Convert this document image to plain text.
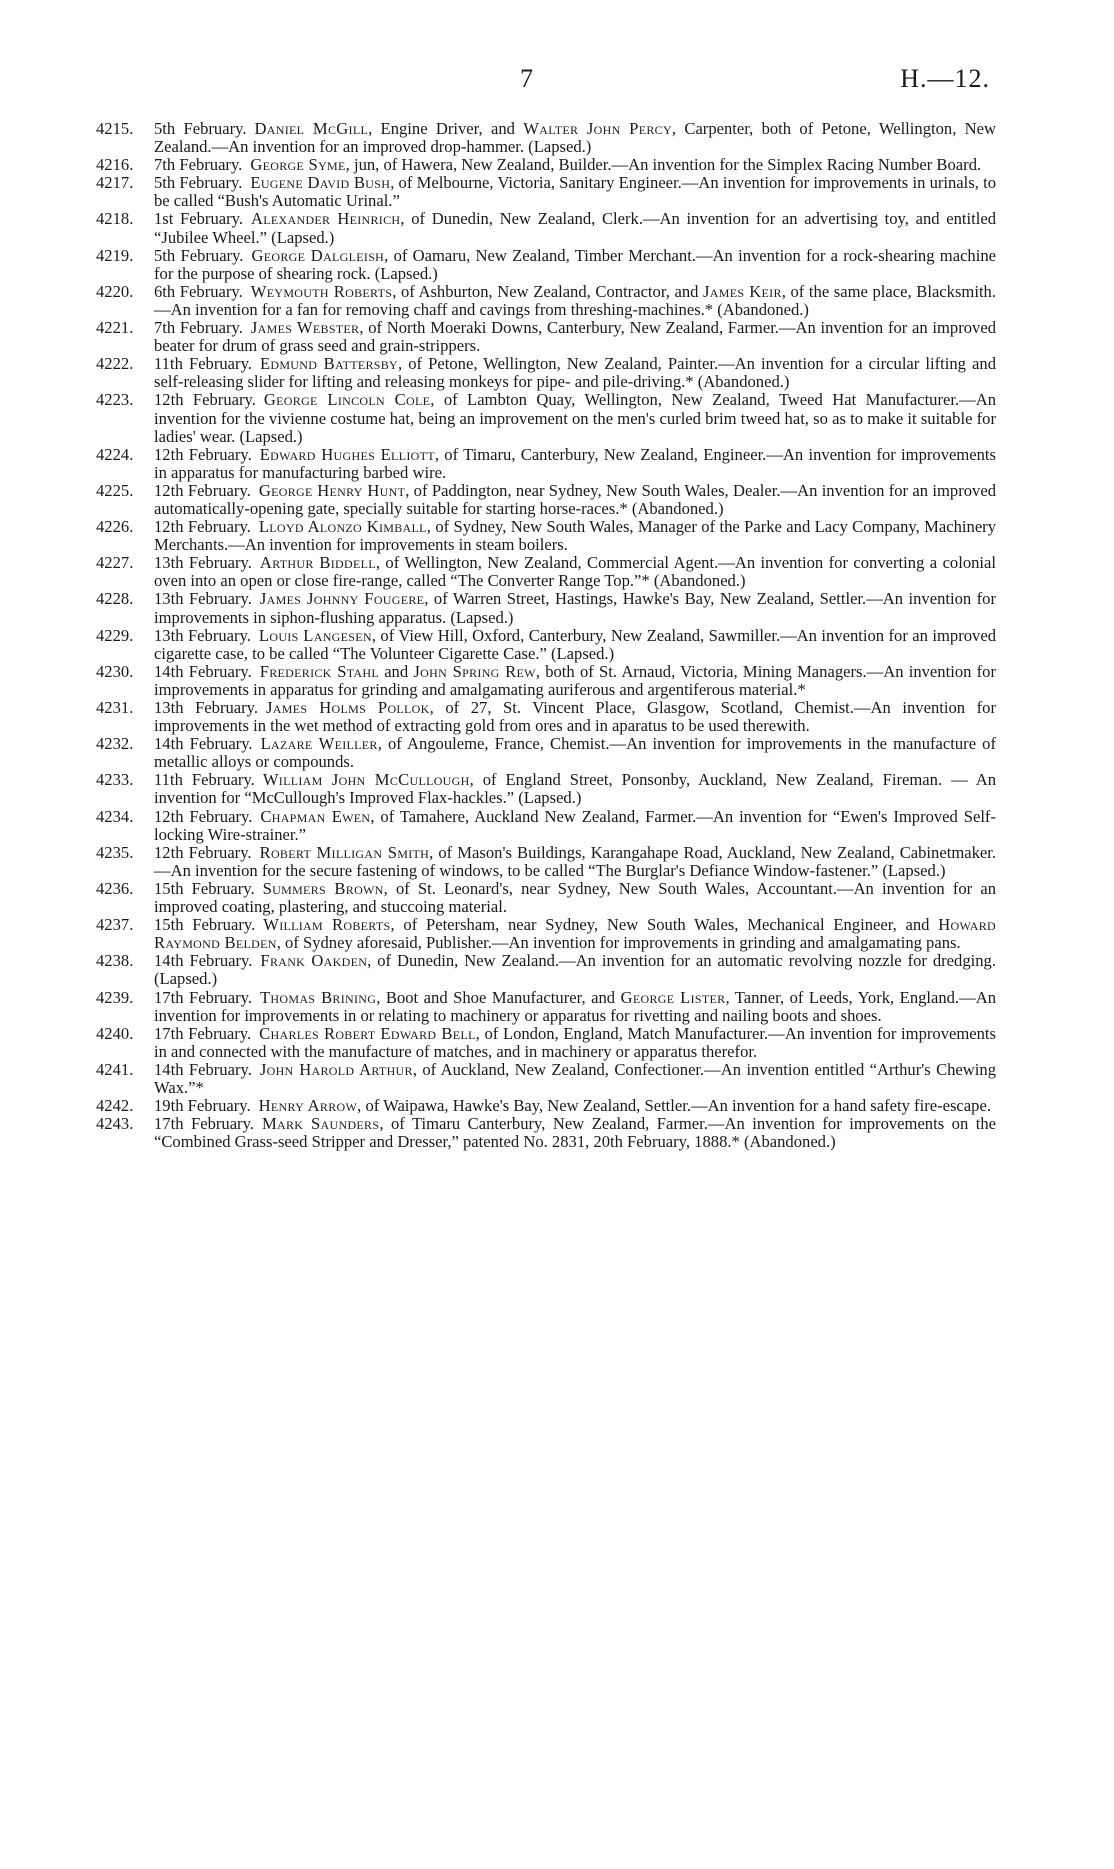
7	H.—12.
4215. 5th February. Daniel McGill, Engine Driver, and Walter John Percy, Carpenter, both of Petone, Wellington, New Zealand.—An invention for an improved drop-hammer. (Lapsed.)
4216. 7th February. George Syme, jun, of Hawera, New Zealand, Builder.—An invention for the Simplex Racing Number Board.
4217. 5th February. Eugene David Bush, of Melbourne, Victoria, Sanitary Engineer.—An invention for improvements in urinals, to be called “Bush's Automatic Urinal.”
4218. 1st February. Alexander Heinrich, of Dunedin, New Zealand, Clerk.—An invention for an advertising toy, and entitled “Jubilee Wheel.” (Lapsed.)
4219. 5th February. George Dalgleish, of Oamaru, New Zealand, Timber Merchant.—An invention for a rock-shearing machine for the purpose of shearing rock. (Lapsed.)
4220. 6th February. Weymouth Roberts, of Ashburton, New Zealand, Contractor, and James Keir, of the same place, Blacksmith.—An invention for a fan for removing chaff and cavings from threshing-machines.* (Abandoned.)
4221. 7th February. James Webster, of North Moeraki Downs, Canterbury, New Zealand, Farmer.—An invention for an improved beater for drum of grass seed and grain-strippers.
4222. 11th February. Edmund Battersby, of Petone, Wellington, New Zealand, Painter.—An invention for a circular lifting and self-releasing slider for lifting and releasing monkeys for pipe- and pile-driving.* (Abandoned.)
4223. 12th February. George Lincoln Cole, of Lambton Quay, Wellington, New Zealand, Tweed Hat Manufacturer.—An invention for the vivienne costume hat, being an improvement on the men's curled brim tweed hat, so as to make it suitable for ladies' wear. (Lapsed.)
4224. 12th February. Edward Hughes Elliott, of Timaru, Canterbury, New Zealand, Engineer.—An invention for improvements in apparatus for manufacturing barbed wire.
4225. 12th February. George Henry Hunt, of Paddington, near Sydney, New South Wales, Dealer.—An invention for an improved automatically-opening gate, specially suitable for starting horse-races.* (Abandoned.)
4226. 12th February. Lloyd Alonzo Kimball, of Sydney, New South Wales, Manager of the Parke and Lacy Company, Machinery Merchants.—An invention for improvements in steam boilers.
4227. 13th February. Arthur Biddell, of Wellington, New Zealand, Commercial Agent.—An invention for converting a colonial oven into an open or close fire-range, called “The Converter Range Top.”* (Abandoned.)
4228. 13th February. James Johnny Fougere, of Warren Street, Hastings, Hawke's Bay, New Zealand, Settler.—An invention for improvements in siphon-flushing apparatus. (Lapsed.)
4229. 13th February. Louis Langesen, of View Hill, Oxford, Canterbury, New Zealand, Sawmiller.—An invention for an improved cigarette case, to be called “The Volunteer Cigarette Case.” (Lapsed.)
4230. 14th February. Frederick Stahl and John Spring Rew, both of St. Arnaud, Victoria, Mining Managers.—An invention for improvements in apparatus for grinding and amalgamating auriferous and argentiferous material.*
4231. 13th February. James Holms Pollok, of 27, St. Vincent Place, Glasgow, Scotland, Chemist.—An invention for improvements in the wet method of extracting gold from ores and in aparatus to be used therewith.
4232. 14th February. Lazare Weiller, of Angouleme, France, Chemist.—An invention for improvements in the manufacture of metallic alloys or compounds.
4233. 11th February. William John McCullough, of England Street, Ponsonby, Auckland, New Zealand, Fireman. — An invention for “McCullough's Improved Flax-hackles.” (Lapsed.)
4234. 12th February. Chapman Ewen, of Tamahere, Auckland New Zealand, Farmer.—An invention for “Ewen's Improved Self-locking Wire-strainer.”
4235. 12th February. Robert Milligan Smith, of Mason's Buildings, Karangahape Road, Auckland, New Zealand, Cabinetmaker.—An invention for the secure fastening of windows, to be called “The Burglar's Defiance Window-fastener.” (Lapsed.)
4236. 15th February. Summers Brown, of St. Leonard's, near Sydney, New South Wales, Accountant.—An invention for an improved coating, plastering, and stuccoing material.
4237. 15th February. William Roberts, of Petersham, near Sydney, New South Wales, Mechanical Engineer, and Howard Raymond Belden, of Sydney aforesaid, Publisher.—An invention for improvements in grinding and amalgamating pans.
4238. 14th February. Frank Oakden, of Dunedin, New Zealand.—An invention for an automatic revolving nozzle for dredging. (Lapsed.)
4239. 17th February. Thomas Brining, Boot and Shoe Manufacturer, and George Lister, Tanner, of Leeds, York, England.—An invention for improvements in or relating to machinery or apparatus for rivetting and nailing boots and shoes.
4240. 17th February. Charles Robert Edward Bell, of London, England, Match Manufacturer.—An invention for improvements in and connected with the manufacture of matches, and in machinery or apparatus therefor.
4241. 14th February. John Harold Arthur, of Auckland, New Zealand, Confectioner.—An invention entitled “Arthur's Chewing Wax.”*
4242. 19th February. Henry Arrow, of Waipawa, Hawke's Bay, New Zealand, Settler.—An invention for a hand safety fire-escape.
4243. 17th February. Mark Saunders, of Timaru Canterbury, New Zealand, Farmer.—An invention for improvements on the “Combined Grass-seed Stripper and Dresser,” patented No. 2831, 20th February, 1888.* (Abandoned.)
